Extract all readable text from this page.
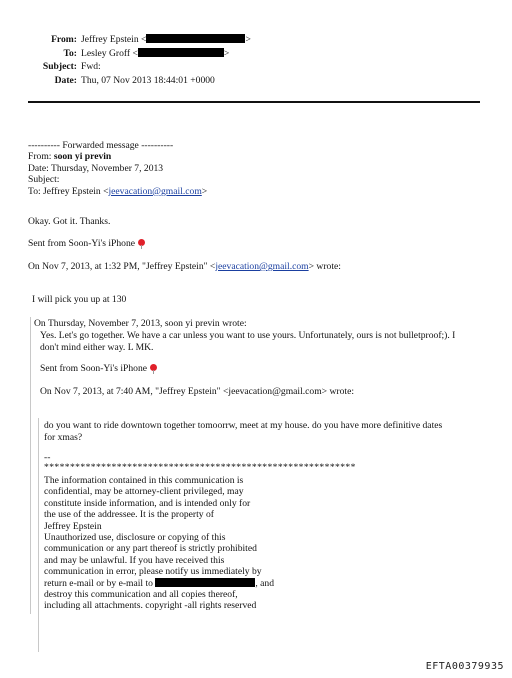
From: Jeffrey Epstein <	>
To: Lesley Groff <	>
Subject: Fwd:
Date: Thu, 07 Nov 2013 18:44:01 +0000
---------- Forwarded message ----------
From: soon yi previn
Date: Thursday, November 7, 2013
Subject:
To: Jeffrey Epstein <jeevacation@gmail.com>
Okay. Got it. Thanks.
Sent from Soon-Yi's iPhone
On Nov 7, 2013, at 1:32 PM, "Jeffrey Epstein" <jeevacation@gmail.com> wrote:
I will pick you up at 130
On Thursday, November 7, 2013, soon yi previn wrote:
Yes. Let's go together. We have a car unless you want to use yours. Unfortunately, ours is not bulletproof;). I
don't mind either way. L MK.
Sent from Soon-Yi's iPhone
On Nov 7, 2013, at 7:40 AM, "Jeffrey Epstein" <jeevacation@gmail.com> wrote:
do you want to ride downtown together tomoorrw, meet at my house. do you have more definitive dates
for xmas?
--
************************************************************
The information contained in this communication is
confidential, may be attorney-client privileged, may
constitute inside information, and is intended only for
the use of the addressee. It is the property of
Jeffrey Epstein
Unauthorized use, disclosure or copying of this
communication or any part thereof is strictly prohibited
and may be unlawful. If you have received this
communication in error, please notify us immediately by
return e-mail or by e-mail to	, and
destroy this communication and all copies thereof,
including all attachments. copyright -all rights reserved
EFTA00379935
